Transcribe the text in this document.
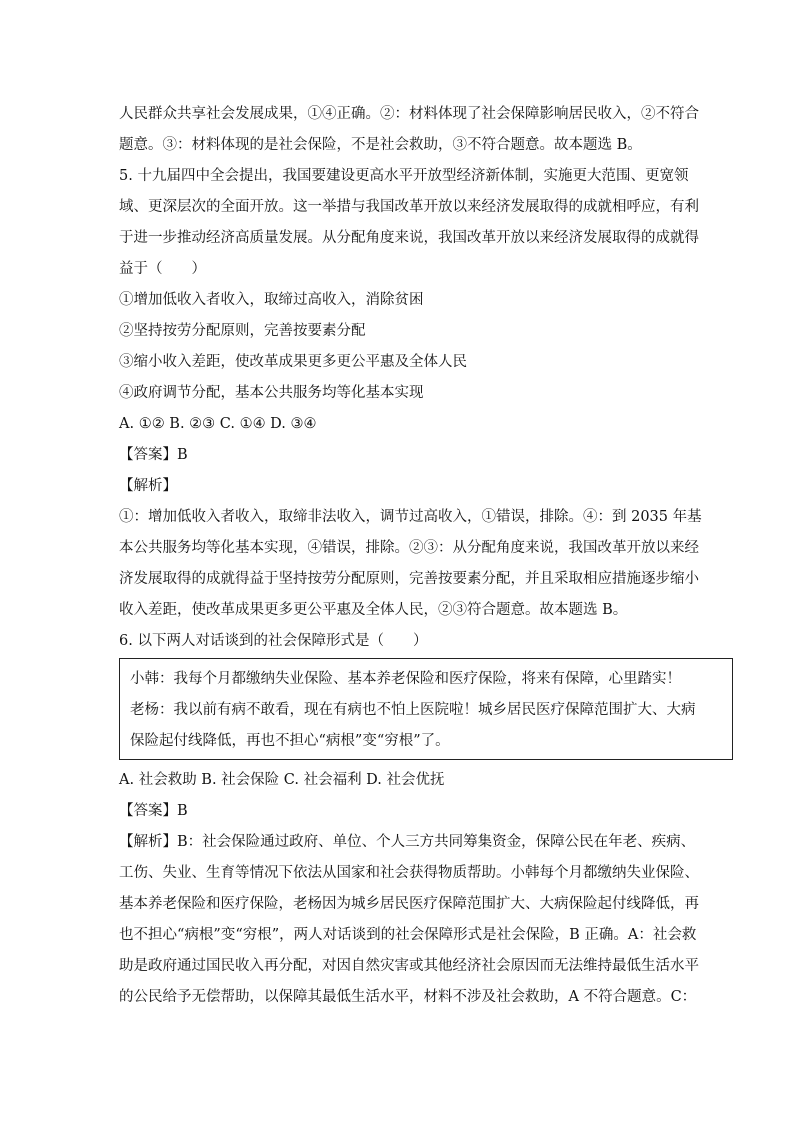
人民群众共享社会发展成果，①④正确。②：材料体现了社会保障影响居民收入，②不符合
题意。③：材料体现的是社会保险，不是社会救助，③不符合题意。故本题选 B。
5. 十九届四中全会提出，我国要建设更高水平开放型经济新体制，实施更大范围、更宽领
域、更深层次的全面开放。这一举措与我国改革开放以来经济发展取得的成就相呼应，有利
于进一步推动经济高质量发展。从分配角度来说，我国改革开放以来经济发展取得的成就得
益于（　　）
①增加低收入者收入，取缔过高收入，消除贫困
②坚持按劳分配原则，完善按要素分配
③缩小收入差距，使改革成果更多更公平惠及全体人民
④政府调节分配，基本公共服务均等化基本实现
A. ①② B. ②③ C. ①④ D. ③④
【答案】B
【解析】
①：增加低收入者收入，取缔非法收入，调节过高收入，①错误，排除。④：到 2035 年基
本公共服务均等化基本实现，④错误，排除。②③：从分配角度来说，我国改革开放以来经
济发展取得的成就得益于坚持按劳分配原则，完善按要素分配，并且采取相应措施逐步缩小
收入差距，使改革成果更多更公平惠及全体人民，②③符合题意。故本题选 B。
6. 以下两人对话谈到的社会保障形式是（　　）
小韩：我每个月都缴纳失业保险、基本养老保险和医疗保险，将来有保障，心里踏实！
老杨：我以前有病不敢看，现在有病也不怕上医院啦！城乡居民医疗保障范围扩大、大病
保险起付线降低，再也不担心“病根”变“穷根”了。
A. 社会救助 B. 社会保险 C. 社会福利 D. 社会优抚
【答案】B
【解析】B：社会保险通过政府、单位、个人三方共同筹集资金，保障公民在年老、疾病、
工伤、失业、生育等情况下依法从国家和社会获得物质帮助。小韩每个月都缴纳失业保险、
基本养老保险和医疗保险，老杨因为城乡居民医疗保障范围扩大、大病保险起付线降低，再
也不担心“病根”变“穷根”，两人对话谈到的社会保障形式是社会保险，B 正确。A：社会救
助是政府通过国民收入再分配，对因自然灾害或其他经济社会原因而无法维持最低生活水平
的公民给予无偿帮助，以保障其最低生活水平，材料不涉及社会救助，A 不符合题意。C：
